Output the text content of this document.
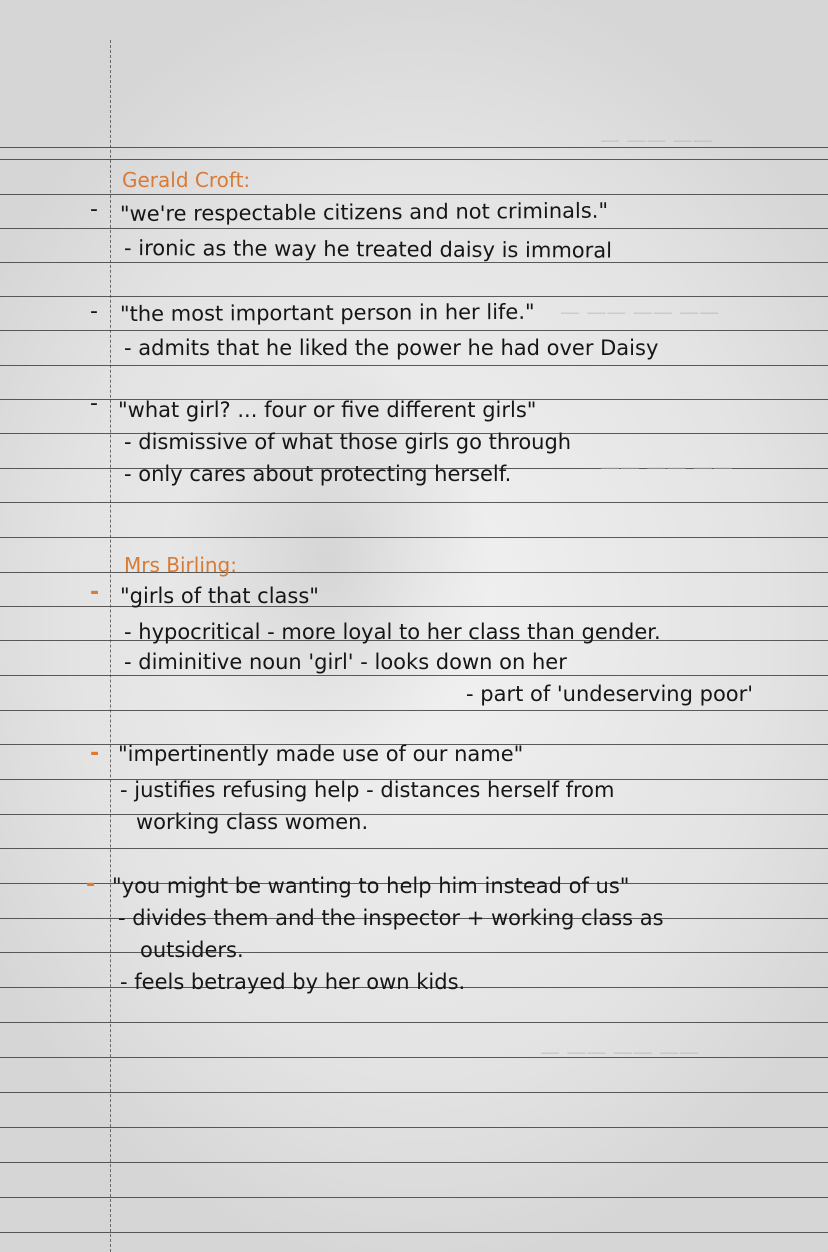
— —— ——
— —— —— ——
—— —— ——
— —— —— ——
Gerald Croft:
- "we're respectable citizens and not criminals."
- ironic as the way he treated daisy is immoral
- "the most important person in her life."
- admits that he liked the power he had over Daisy
- "what girl? ... four or five different girls"
- dismissive of what those girls go through
- only cares about protecting herself.
Mrs Birling:
- "girls of that class"
- hypocritical - more loyal to her class than gender.
- diminitive noun 'girl' - looks down on her
- part of 'undeserving poor'
- "impertinently made use of our name"
- justifies refusing help - distances herself from
working class women.
- "you might be wanting to help him instead of us"
- divides them and the inspector + working class as
outsiders.
- feels betrayed by her own kids.
